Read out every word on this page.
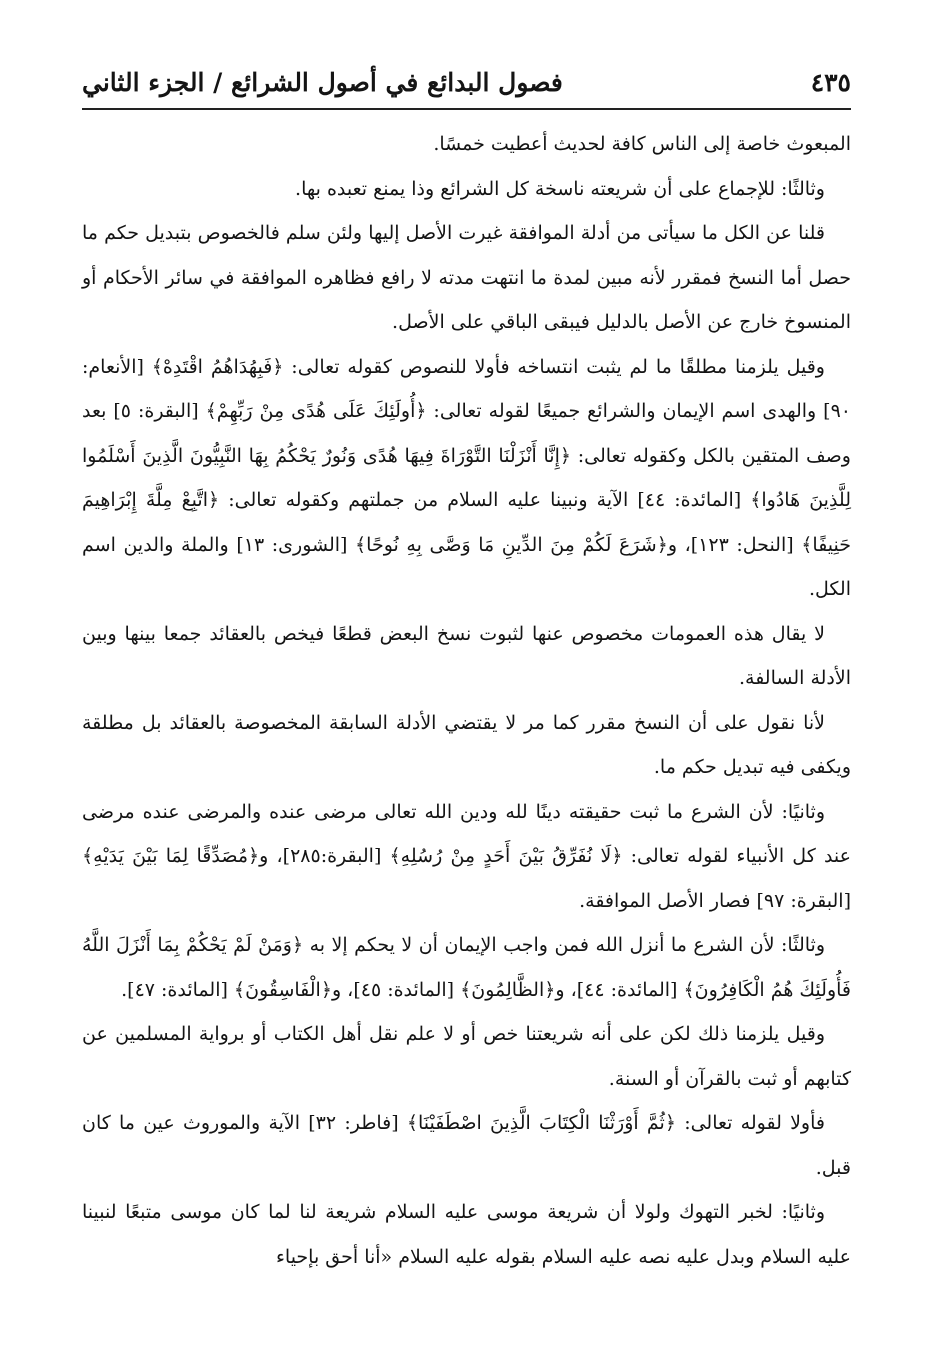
فصول البدائع في أصول الشرائع / الجزء الثاني	٤٣٥

المبعوث خاصة إلى الناس كافة لحديث أعطيت خمسًا.

وثالثًا: للإجماع على أن شريعته ناسخة كل الشرائع وذا يمنع تعبده بها.

قلنا عن الكل ما سيأتى من أدلة الموافقة غيرت الأصل إليها ولئن سلم فالخصوص بتبديل حكم ما حصل أما النسخ فمقرر لأنه مبين لمدة ما انتهت مدته لا رافع فظاهره الموافقة في سائر الأحكام أو المنسوخ خارج عن الأصل بالدليل فيبقى الباقي على الأصل.

وقيل يلزمنا مطلقًا ما لم يثبت انتساخه فأولا للنصوص كقوله تعالى: ﴿فَبِهُدَاهُمُ اقْتَدِهْ﴾ [الأنعام: ٩٠] والهدى اسم الإيمان والشرائع جميعًا لقوله تعالى: ﴿أُولَئِكَ عَلَى هُدًى مِنْ رَبِّهِمْ﴾ [البقرة: ٥] بعد وصف المتقين بالكل وكقوله تعالى: ﴿إِنَّا أَنْزَلْنَا التَّوْرَاةَ فِيهَا هُدًى وَنُورٌ يَحْكُمُ بِهَا النَّبِيُّونَ الَّذِينَ أَسْلَمُوا لِلَّذِينَ هَادُوا﴾ [المائدة: ٤٤] الآية ونبينا عليه السلام من جملتهم وكقوله تعالى: ﴿اتَّبِعْ مِلَّةَ إِبْرَاهِيمَ حَنِيفًا﴾ [النحل: ١٢٣]، و﴿شَرَعَ لَكُمْ مِنَ الدِّينِ مَا وَصَّى بِهِ نُوحًا﴾ [الشورى: ١٣] والملة والدين اسم الكل.

لا يقال هذه العمومات مخصوص عنها لثبوت نسخ البعض قطعًا فيخص بالعقائد جمعا بينها وبين الأدلة السالفة.

لأنا نقول على أن النسخ مقرر كما مر لا يقتضي الأدلة السابقة المخصوصة بالعقائد بل مطلقة ويكفى فيه تبديل حكم ما.

وثانيًا: لأن الشرع ما ثبت حقيقته دينًا لله ودين الله تعالى مرضى عنده والمرضى عنده مرضى عند كل الأنبياء لقوله تعالى: ﴿لَا نُفَرِّقُ بَيْنَ أَحَدٍ مِنْ رُسُلِهِ﴾ [البقرة:٢٨٥]، و﴿مُصَدِّقًا لِمَا بَيْنَ يَدَيْهِ﴾ [البقرة: ٩٧] فصار الأصل الموافقة.

وثالثًا: لأن الشرع ما أنزل الله فمن واجب الإيمان أن لا يحكم إلا به ﴿وَمَنْ لَمْ يَحْكُمْ بِمَا أَنْزَلَ اللَّهُ فَأُولَئِكَ هُمُ الْكَافِرُونَ﴾ [المائدة: ٤٤]، و﴿الظَّالِمُونَ﴾ [المائدة: ٤٥]، و﴿الْفَاسِقُونَ﴾ [المائدة: ٤٧].

وقيل يلزمنا ذلك لكن على أنه شريعتنا خص أو لا علم نقل أهل الكتاب أو برواية المسلمين عن كتابهم أو ثبت بالقرآن أو السنة.

فأولا لقوله تعالى: ﴿ثُمَّ أَوْرَثْنَا الْكِتَابَ الَّذِينَ اصْطَفَيْنَا﴾ [فاطر: ٣٢] الآية والموروث عين ما كان قبل.

وثانيًا: لخبر التهوك ولولا أن شريعة موسى عليه السلام شريعة لنا لما كان موسى متبعًا لنبينا عليه السلام وبدل عليه نصه عليه السلام بقوله عليه السلام «أنا أحق بإحياء
